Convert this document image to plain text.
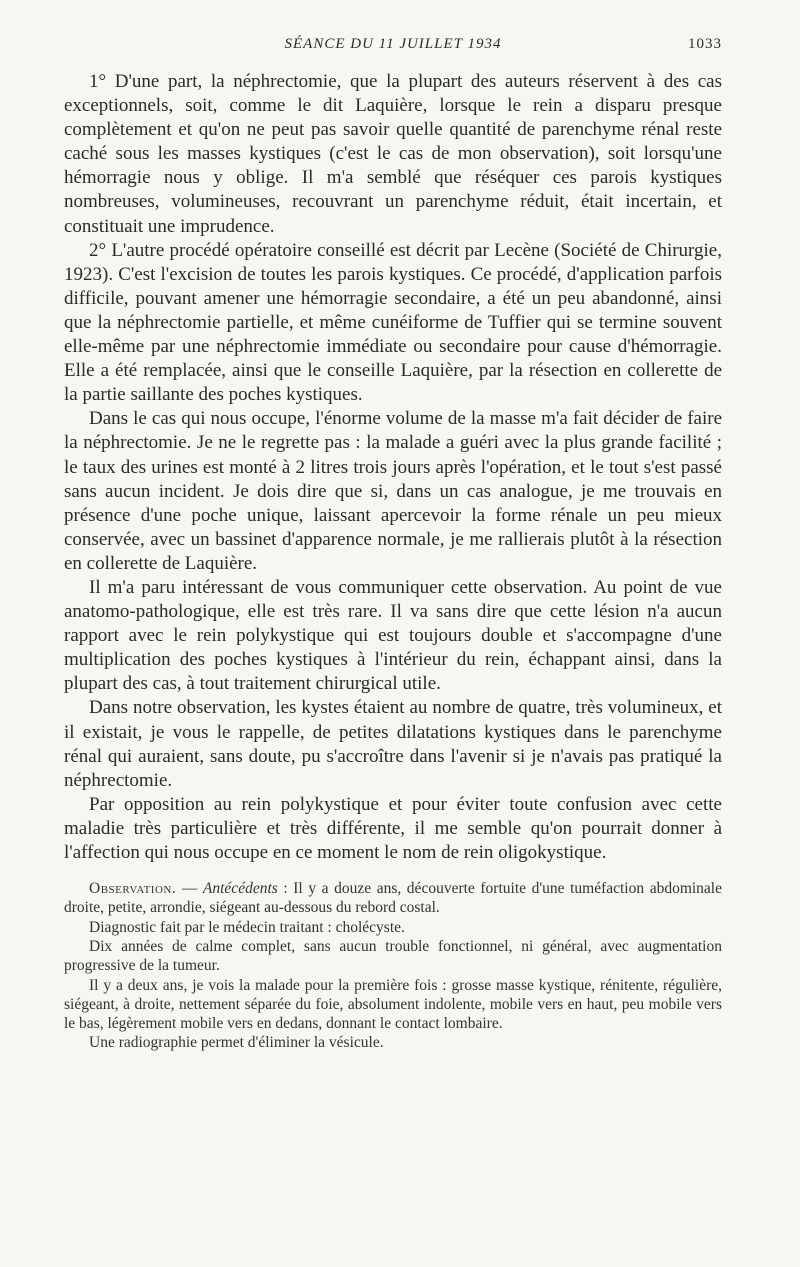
SÉANCE DU 11 JUILLET 1934	1033

1° D'une part, la néphrectomie, que la plupart des auteurs réservent à des cas exceptionnels, soit, comme le dit Laquière, lorsque le rein a disparu presque complètement et qu'on ne peut pas savoir quelle quantité de parenchyme rénal reste caché sous les masses kystiques (c'est le cas de mon observation), soit lorsqu'une hémorragie nous y oblige. Il m'a semblé que réséquer ces parois kystiques nombreuses, volumineuses, recouvrant un parenchyme réduit, était incertain, et constituait une imprudence.

2° L'autre procédé opératoire conseillé est décrit par Lecène (Société de Chirurgie, 1923). C'est l'excision de toutes les parois kystiques. Ce procédé, d'application parfois difficile, pouvant amener une hémorragie secondaire, a été un peu abandonné, ainsi que la néphrectomie partielle, et même cunéiforme de Tuffier qui se termine souvent elle-même par une néphrectomie immédiate ou secondaire pour cause d'hémorragie. Elle a été remplacée, ainsi que le conseille Laquière, par la résection en collerette de la partie saillante des poches kystiques.

Dans le cas qui nous occupe, l'énorme volume de la masse m'a fait décider de faire la néphrectomie. Je ne le regrette pas : la malade a guéri avec la plus grande facilité ; le taux des urines est monté à 2 litres trois jours après l'opération, et le tout s'est passé sans aucun incident. Je dois dire que si, dans un cas analogue, je me trouvais en présence d'une poche unique, laissant apercevoir la forme rénale un peu mieux conservée, avec un bassinet d'apparence normale, je me rallierais plutôt à la résection en collerette de Laquière.

Il m'a paru intéressant de vous communiquer cette observation. Au point de vue anatomo-pathologique, elle est très rare. Il va sans dire que cette lésion n'a aucun rapport avec le rein polykystique qui est toujours double et s'accompagne d'une multiplication des poches kystiques à l'intérieur du rein, échappant ainsi, dans la plupart des cas, à tout traitement chirurgical utile.

Dans notre observation, les kystes étaient au nombre de quatre, très volumineux, et il existait, je vous le rappelle, de petites dilatations kystiques dans le parenchyme rénal qui auraient, sans doute, pu s'accroître dans l'avenir si je n'avais pas pratiqué la néphrectomie.

Par opposition au rein polykystique et pour éviter toute confusion avec cette maladie très particulière et très différente, il me semble qu'on pourrait donner à l'affection qui nous occupe en ce moment le nom de rein oligokystique.

Observation. — Antécédents : Il y a douze ans, découverte fortuite d'une tuméfaction abdominale droite, petite, arrondie, siégeant au-dessous du rebord costal.

Diagnostic fait par le médecin traitant : cholécyste.

Dix années de calme complet, sans aucun trouble fonctionnel, ni général, avec augmentation progressive de la tumeur.

Il y a deux ans, je vois la malade pour la première fois : grosse masse kystique, rénitente, régulière, siégeant, à droite, nettement séparée du foie, absolument indolente, mobile vers en haut, peu mobile vers le bas, légèrement mobile vers en dedans, donnant le contact lombaire.

Une radiographie permet d'éliminer la vésicule.
